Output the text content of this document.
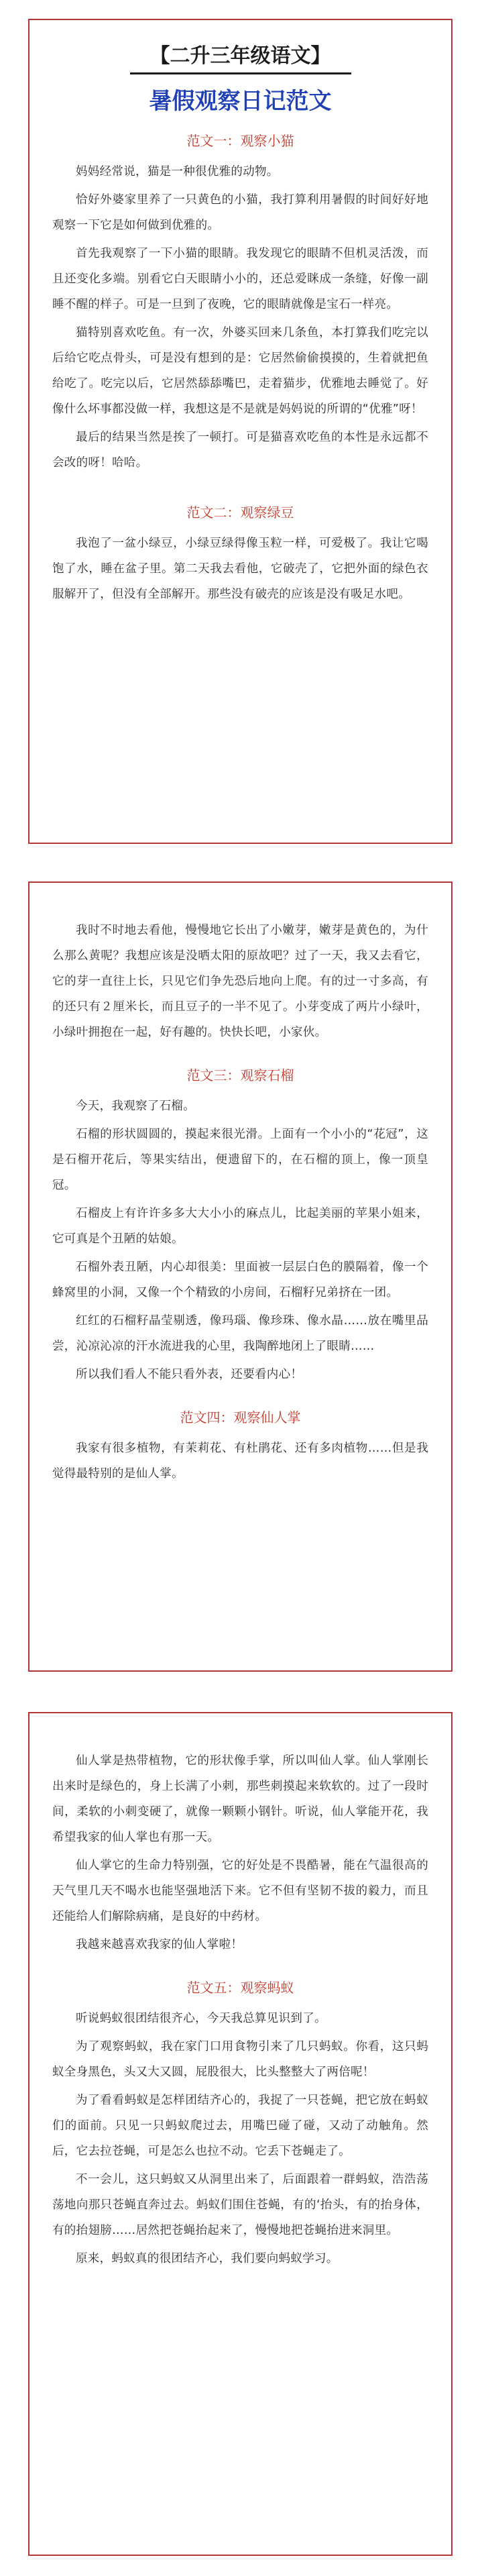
【二升三年级语文】
暑假观察日记范文
范文一：观察小猫

妈妈经常说，猫是一种很优雅的动物。

恰好外婆家里养了一只黄色的小猫，我打算利用暑假的时间好好地观察一下它是如何做到优雅的。

首先我观察了一下小猫的眼睛。我发现它的眼睛不但机灵活泼，而且还变化多端。别看它白天眼睛小小的，还总爱眯成一条缝，好像一副睡不醒的样子。可是一旦到了夜晚，它的眼睛就像是宝石一样亮。

猫特别喜欢吃鱼。有一次，外婆买回来几条鱼，本打算我们吃完以后给它吃点骨头，可是没有想到的是：它居然偷偷摸摸的，生着就把鱼给吃了。吃完以后，它居然舔舔嘴巴，走着猫步，优雅地去睡觉了。好像什么坏事都没做一样，我想这是不是就是妈妈说的所谓的“优雅”呀！

最后的结果当然是挨了一顿打。可是猫喜欢吃鱼的本性是永远都不会改的呀！哈哈。

范文二：观察绿豆

我泡了一盆小绿豆，小绿豆绿得像玉粒一样，可爱极了。我让它喝饱了水，睡在盆子里。第二天我去看他，它破壳了，它把外面的绿色衣服解开了，但没有全部解开。那些没有破壳的应该是没有吸足水吧。

我时不时地去看他，慢慢地它长出了小嫩芽，嫩芽是黄色的，为什么那么黄呢？我想应该是没晒太阳的原故吧？过了一天，我又去看它，它的芽一直往上长，只见它们争先恐后地向上爬。有的过一寸多高，有的还只有２厘米长，而且豆子的一半不见了。小芽变成了两片小绿叶，小绿叶拥抱在一起，好有趣的。快快长吧，小家伙。

范文三：观察石榴

今天，我观察了石榴。

石榴的形状圆圆的，摸起来很光滑。上面有一个小小的“花冠”，这是石榴开花后，等果实结出，便遗留下的，在石榴的顶上，像一顶皇冠。

石榴皮上有许许多多大大小小的麻点儿，比起美丽的苹果小姐来，它可真是个丑陋的姑娘。

石榴外表丑陋，内心却很美：里面被一层层白色的膜隔着，像一个蜂窝里的小洞，又像一个个精致的小房间，石榴籽兄弟挤在一团。

红红的石榴籽晶莹剔透，像玛瑙、像珍珠、像水晶……放在嘴里品尝，沁凉沁凉的汗水流进我的心里，我陶醉地闭上了眼睛……

所以我们看人不能只看外表，还要看内心！

范文四：观察仙人掌

我家有很多植物，有茉莉花、有杜鹃花、还有多肉植物……但是我觉得最特别的是仙人掌。

仙人掌是热带植物，它的形状像手掌，所以叫仙人掌。仙人掌刚长出来时是绿色的，身上长满了小刺，那些刺摸起来软软的。过了一段时间，柔软的小刺变硬了，就像一颗颗小钢针。听说，仙人掌能开花，我希望我家的仙人掌也有那一天。

仙人掌它的生命力特别强，它的好处是不畏酷暑，能在气温很高的天气里几天不喝水也能坚强地活下来。它不但有坚韧不拔的毅力，而且还能给人们解除病痛，是良好的中药材。

我越来越喜欢我家的仙人掌啦！

范文五：观察蚂蚁

听说蚂蚁很团结很齐心，今天我总算见识到了。

为了观察蚂蚁，我在家门口用食物引来了几只蚂蚁。你看，这只蚂蚁全身黑色，头又大又圆，屁股很大，比头整整大了两倍呢！

为了看看蚂蚁是怎样团结齐心的，我捉了一只苍蝇，把它放在蚂蚁们的面前。只见一只蚂蚁爬过去，用嘴巴碰了碰，又动了动触角。然后，它去拉苍蝇，可是怎么也拉不动。它丢下苍蝇走了。

不一会儿，这只蚂蚁又从洞里出来了，后面跟着一群蚂蚁，浩浩荡荡地向那只苍蝇直奔过去。蚂蚁们围住苍蝇，有的‘抬头，有的抬身体，有的抬翅膀……居然把苍蝇抬起来了，慢慢地把苍蝇抬进来洞里。

原来，蚂蚁真的很团结齐心，我们要向蚂蚁学习。
